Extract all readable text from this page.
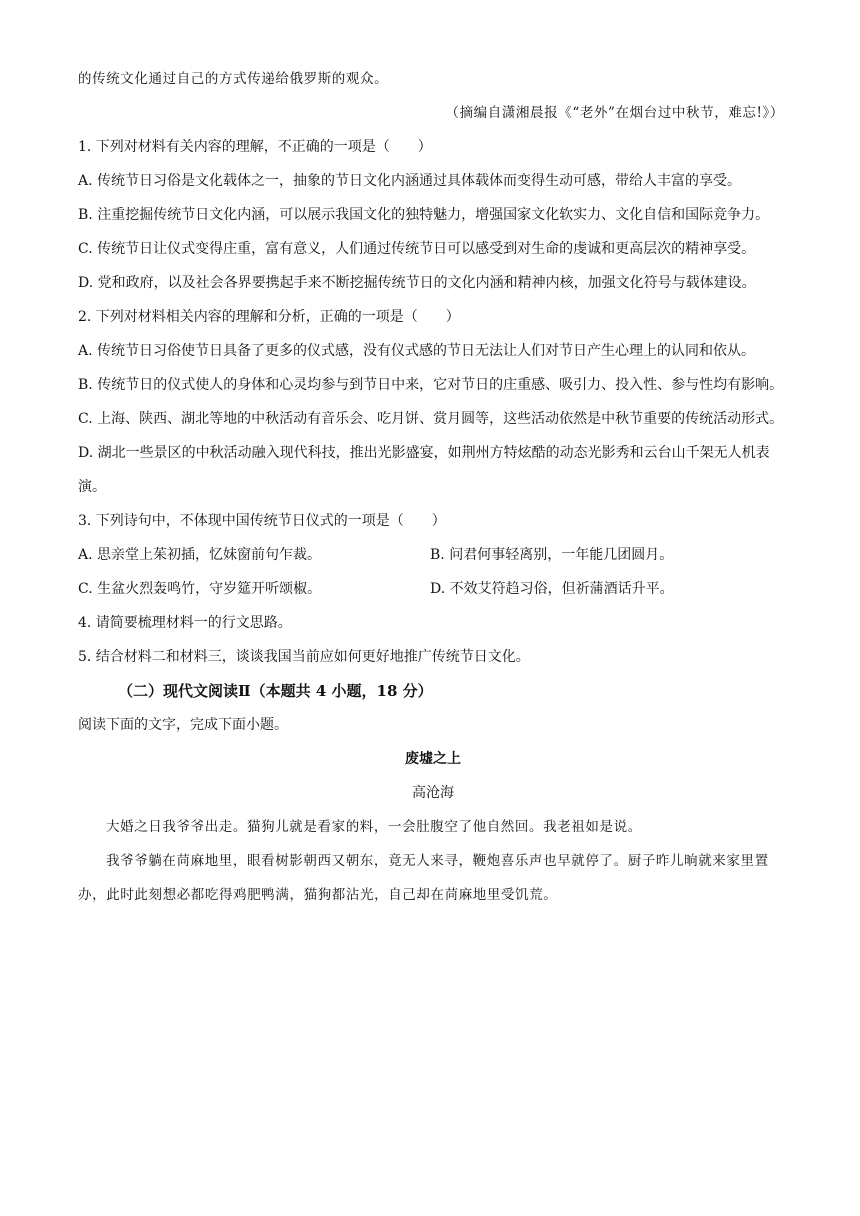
的传统文化通过自己的方式传递给俄罗斯的观众。
（摘编自潇湘晨报《“老外”在烟台过中秋节，难忘!》）
1. 下列对材料有关内容的理解，不正确的一项是（　　）
A. 传统节日习俗是文化载体之一，抽象的节日文化内涵通过具体载体而变得生动可感，带给人丰富的享受。
B. 注重挖掘传统节日文化内涵，可以展示我国文化的独特魅力，增强国家文化软实力、文化自信和国际竞争力。
C. 传统节日让仪式变得庄重，富有意义，人们通过传统节日可以感受到对生命的虔诚和更高层次的精神享受。
D. 党和政府，以及社会各界要携起手来不断挖掘传统节日的文化内涵和精神内核，加强文化符号与载体建设。
2. 下列对材料相关内容的理解和分析，正确的一项是（　　）
A. 传统节日习俗使节日具备了更多的仪式感，没有仪式感的节日无法让人们对节日产生心理上的认同和依从。
B. 传统节日的仪式使人的身体和心灵均参与到节日中来，它对节日的庄重感、吸引力、投入性、参与性均有影响。
C. 上海、陕西、湖北等地的中秋活动有音乐会、吃月饼、赏月圆等，这些活动依然是中秋节重要的传统活动形式。
D. 湖北一些景区的中秋活动融入现代科技，推出光影盛宴，如荆州方特炫酷的动态光影秀和云台山千架无人机表演。
3. 下列诗句中，不体现中国传统节日仪式的一项是（　　）
A. 思亲堂上茱初插，忆妹窗前句乍裁。	B. 问君何事轻离别，一年能几团圆月。
C. 生盆火烈轰鸣竹，守岁筵开听颂椒。	D. 不效艾符趋习俗，但祈蒲酒话升平。
4. 请简要梳理材料一的行文思路。
5. 结合材料二和材料三，谈谈我国当前应如何更好地推广传统节日文化。
（二）现代文阅读Ⅱ（本题共 4 小题，18 分）
阅读下面的文字，完成下面小题。
废墟之上
高沧海
大婚之日我爷爷出走。猫狗儿就是看家的料，一会肚腹空了他自然回。我老祖如是说。
我爷爷躺在苘麻地里，眼看树影朝西又朝东，竟无人来寻，鞭炮喜乐声也早就停了。厨子昨儿晌就来家里置办，此时此刻想必都吃得鸡肥鸭满，猫狗都沾光，自己却在苘麻地里受饥荒。
